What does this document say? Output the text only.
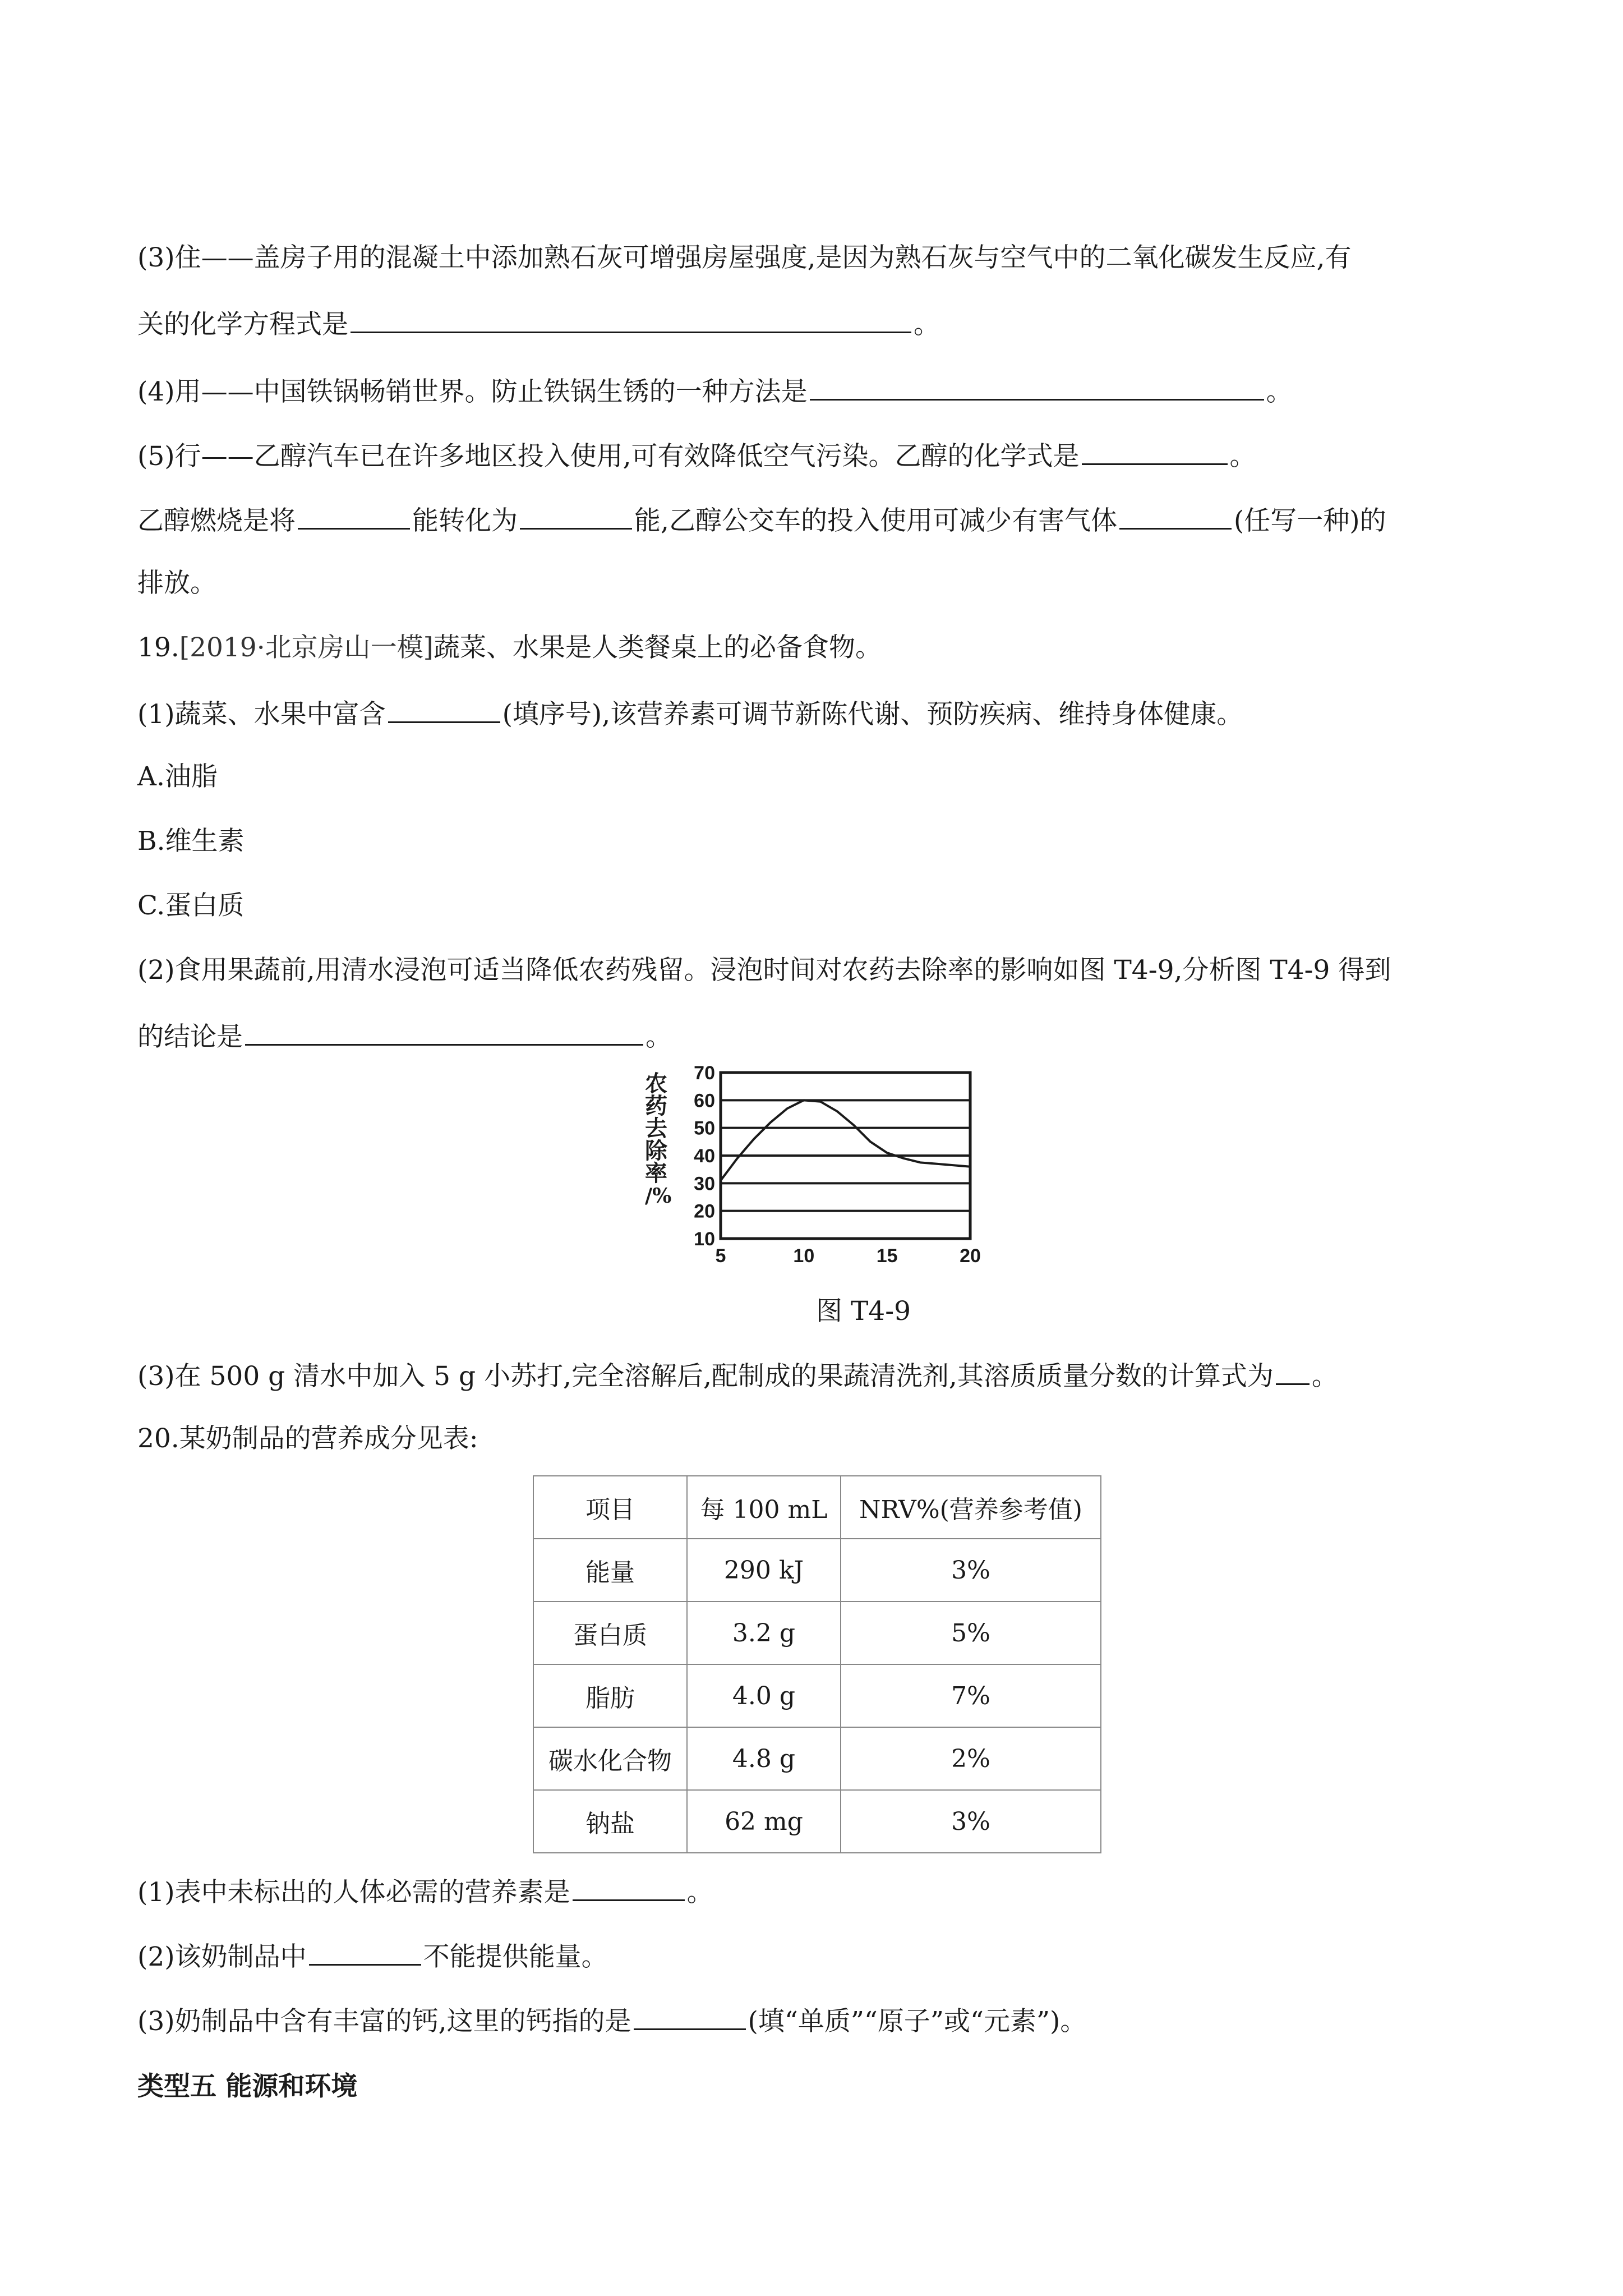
(3)住——盖房子用的混凝土中添加熟石灰可增强房屋强度,是因为熟石灰与空气中的二氧化碳发生反应,有
关的化学方程式是	。
(4)用——中国铁锅畅销世界。防止铁锅生锈的一种方法是	。
(5)行——乙醇汽车已在许多地区投入使用,可有效降低空气污染。乙醇的化学式是	。
乙醇燃烧是将	能转化为	能,乙醇公交车的投入使用可减少有害气体	(任写一种)的
排放。
19.[2019·北京房山一模]蔬菜、水果是人类餐桌上的必备食物。
(1)蔬菜、水果中富含	(填序号),该营养素可调节新陈代谢、预防疾病、维持身体健康。
A.油脂
B.维生素
C.蛋白质
(2)食用果蔬前,用清水浸泡可适当降低农药残留。浸泡时间对农药去除率的影响如图 T4-9,分析图 T4-9 得到
的结论是	。
农
药
去
除
率
/%
10
20
30
40
50
60
70
5	10	15	20
图 T4-9
(3)在 500 g 清水中加入 5 g 小苏打,完全溶解后,配制成的果蔬清洗剂,其溶质质量分数的计算式为 。
20.某奶制品的营养成分见表:
项目	每 100 mL	NRV%(营养参考值)
能量	290 kJ	3%
蛋白质	3.2 g	5%
脂肪	4.0 g	7%
碳水化合物	4.8 g	2%
钠盐	62 mg	3%
(1)表中未标出的人体必需的营养素是	。
(2)该奶制品中	不能提供能量。
(3)奶制品中含有丰富的钙,这里的钙指的是	(填“单质”“原子”或“元素”)。
类型五 能源和环境
